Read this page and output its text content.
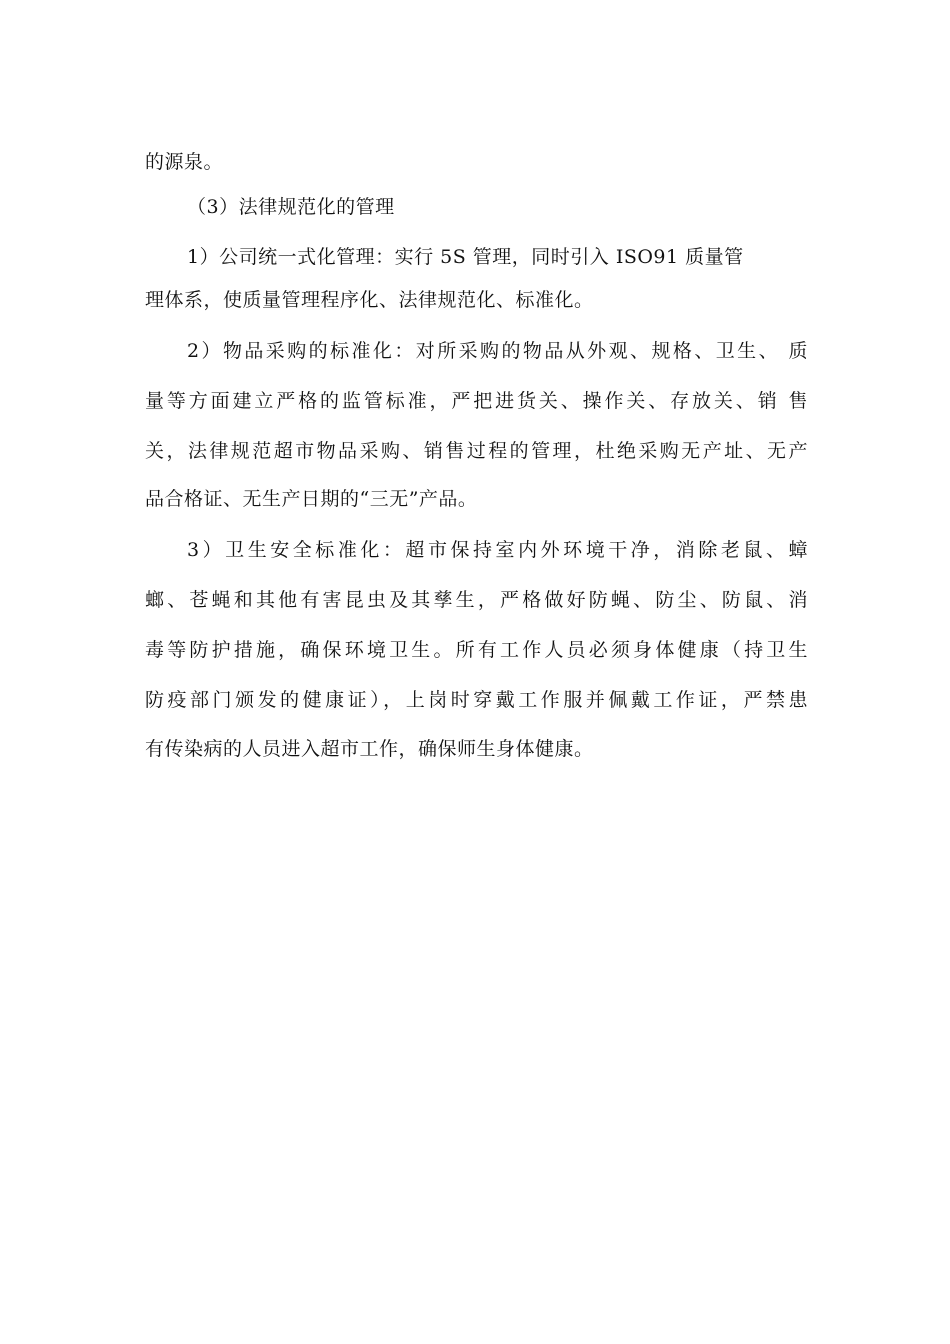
的源泉。

（3）法律规范化的管理

1）公司统一式化管理：实行 5S 管理，同时引入 ISO91 质量管

理体系，使质量管理程序化、法律规范化、标准化。

2）物品采购的标准化：对所采购的物品从外观、规格、卫生、 质

量等方面建立严格的监管标准，严把进货关、操作关、存放关、销 售

关，法律规范超市物品采购、销售过程的管理，杜绝采购无产址、无产

品合格证、无生产日期的“三无”产品。

3）卫生安全标准化：超市保持室内外环境干净，消除老鼠、蟑

螂、苍蝇和其他有害昆虫及其孳生，严格做好防蝇、防尘、防鼠、消

毒等防护措施，确保环境卫生。所有工作人员必须身体健康（持卫生

防疫部门颁发的健康证），上岗时穿戴工作服并佩戴工作证，严禁患

有传染病的人员进入超市工作，确保师生身体健康。
